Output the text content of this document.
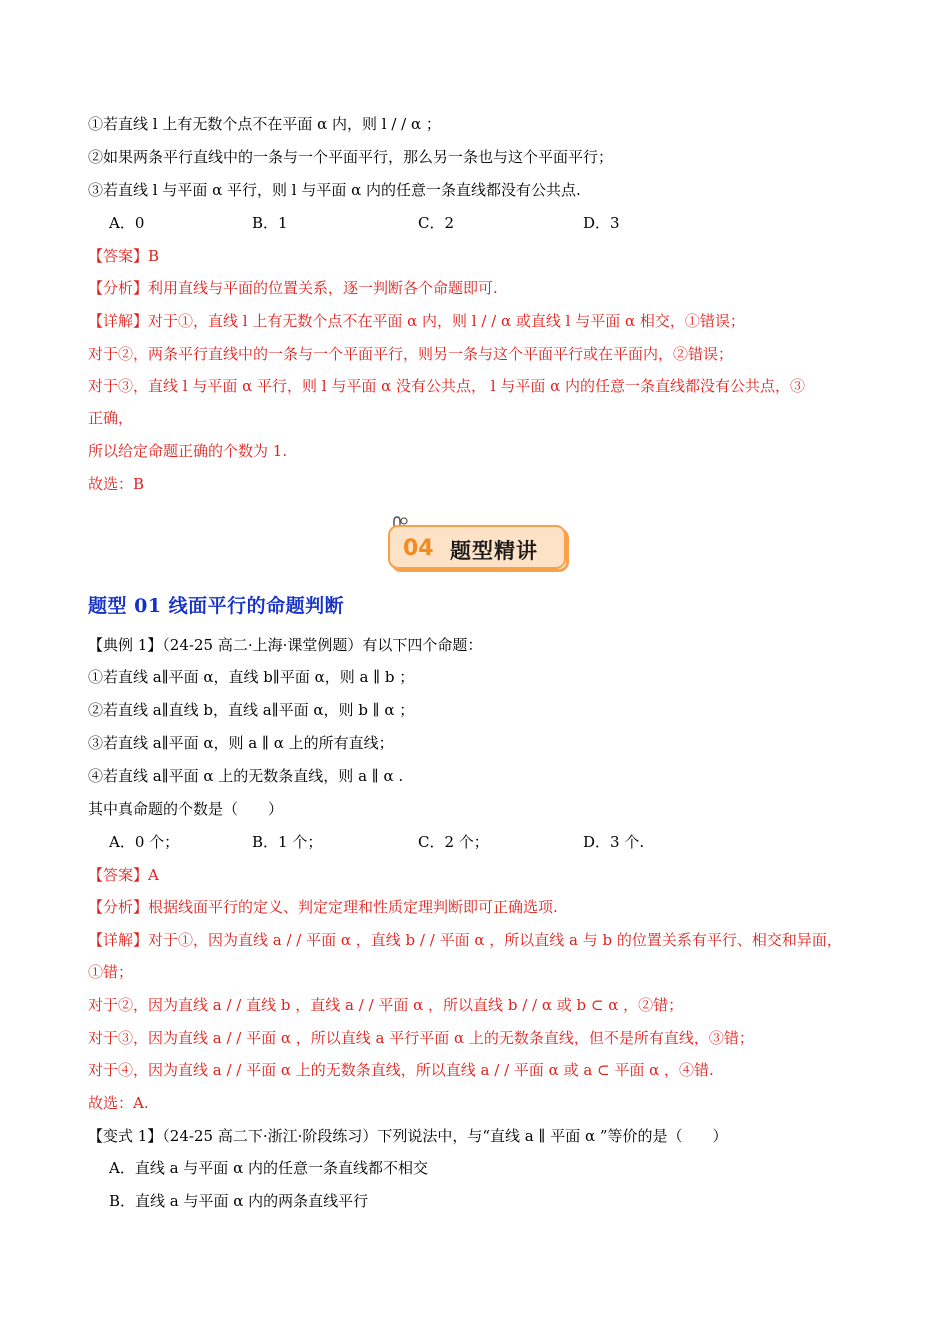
①若直线 l 上有无数个点不在平面 α 内，则 l / / α ；
②如果两条平行直线中的一条与一个平面平行，那么另一条也与这个平面平行；
③若直线 l 与平面 α 平行，则 l 与平面 α 内的任意一条直线都没有公共点.
A．0	B．1	C．2	D．3
【答案】B
【分析】利用直线与平面的位置关系，逐一判断各个命题即可.
【详解】对于①，直线 l 上有无数个点不在平面 α 内，则 l / / α 或直线 l 与平面 α 相交，①错误；
对于②，两条平行直线中的一条与一个平面平行，则另一条与这个平面平行或在平面内，②错误；
对于③，直线 l 与平面 α 平行，则 l 与平面 α 没有公共点， l 与平面 α 内的任意一条直线都没有公共点，③
正确，
所以给定命题正确的个数为 1.
故选：B
04 题型精讲
题型 01 线面平行的命题判断
【典例 1】（24-25 高二·上海·课堂例题）有以下四个命题：
①若直线 a∥平面 α，直线 b∥平面 α，则 a ∥ b ；
②若直线 a∥直线 b，直线 a∥平面 α，则 b ∥ α ；
③若直线 a∥平面 α，则 a ∥ α 上的所有直线；
④若直线 a∥平面 α 上的无数条直线，则 a ∥ α .
其中真命题的个数是（　　）
A．0 个；	B．1 个；	C．2 个；	D．3 个.
【答案】A
【分析】根据线面平行的定义、判定定理和性质定理判断即可正确选项.
【详解】对于①，因为直线 a / / 平面 α ，直线 b / / 平面 α ，所以直线 a 与 b 的位置关系有平行、相交和异面，
①错；
对于②，因为直线 a / / 直线 b ，直线 a / / 平面 α ，所以直线 b / / α 或 b ⊂ α ，②错；
对于③，因为直线 a / / 平面 α ，所以直线 a 平行平面 α 上的无数条直线，但不是所有直线，③错；
对于④，因为直线 a / / 平面 α 上的无数条直线，所以直线 a / / 平面 α 或 a ⊂ 平面 α ，④错.
故选：A.
【变式 1】（24-25 高二下·浙江·阶段练习）下列说法中，与“直线 a ∥ 平面 α ”等价的是（　　）
A．直线 a 与平面 α 内的任意一条直线都不相交
B．直线 a 与平面 α 内的两条直线平行
